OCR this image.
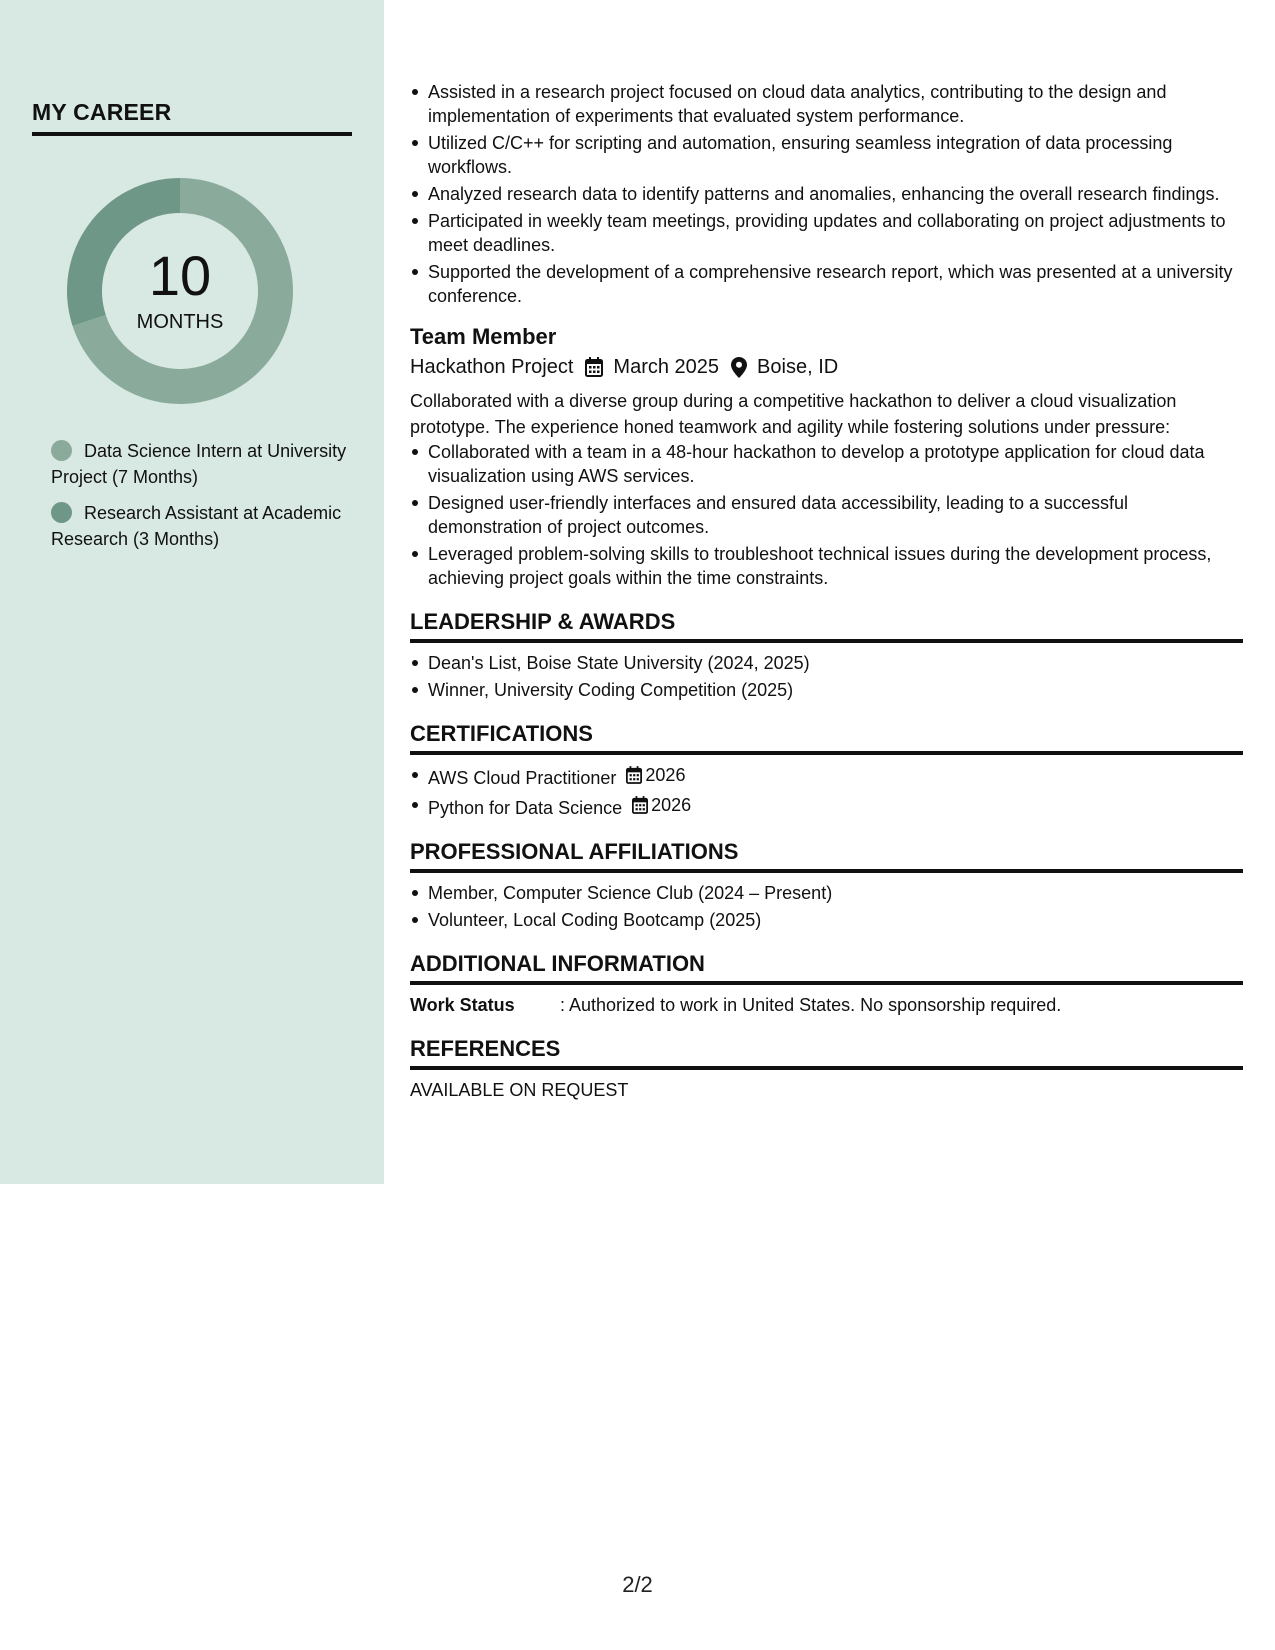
MY CAREER
10
MONTHS
Data Science Intern at University Project (7 Months)
Research Assistant at Academic Research (3 Months)
Assisted in a research project focused on cloud data analytics, contributing to the design and implementation of experiments that evaluated system performance.
Utilized C/C++ for scripting and automation, ensuring seamless integration of data processing workflows.
Analyzed research data to identify patterns and anomalies, enhancing the overall research findings.
Participated in weekly team meetings, providing updates and collaborating on project adjustments to meet deadlines.
Supported the development of a comprehensive research report, which was presented at a university conference.
Team Member
Hackathon Project March 2025 Boise, ID
Collaborated with a diverse group during a competitive hackathon to deliver a cloud visualization prototype. The experience honed teamwork and agility while fostering solutions under pressure:
Collaborated with a team in a 48-hour hackathon to develop a prototype application for cloud data visualization using AWS services.
Designed user-friendly interfaces and ensured data accessibility, leading to a successful demonstration of project outcomes.
Leveraged problem-solving skills to troubleshoot technical issues during the development process, achieving project goals within the time constraints.
LEADERSHIP & AWARDS
Dean's List, Boise State University (2024, 2025)
Winner, University Coding Competition (2025)
CERTIFICATIONS
AWS Cloud Practitioner 2026
Python for Data Science 2026
PROFESSIONAL AFFILIATIONS
Member, Computer Science Club (2024 – Present)
Volunteer, Local Coding Bootcamp (2025)
ADDITIONAL INFORMATION
Work Status	: Authorized to work in United States. No sponsorship required.
REFERENCES
AVAILABLE ON REQUEST
2/2
